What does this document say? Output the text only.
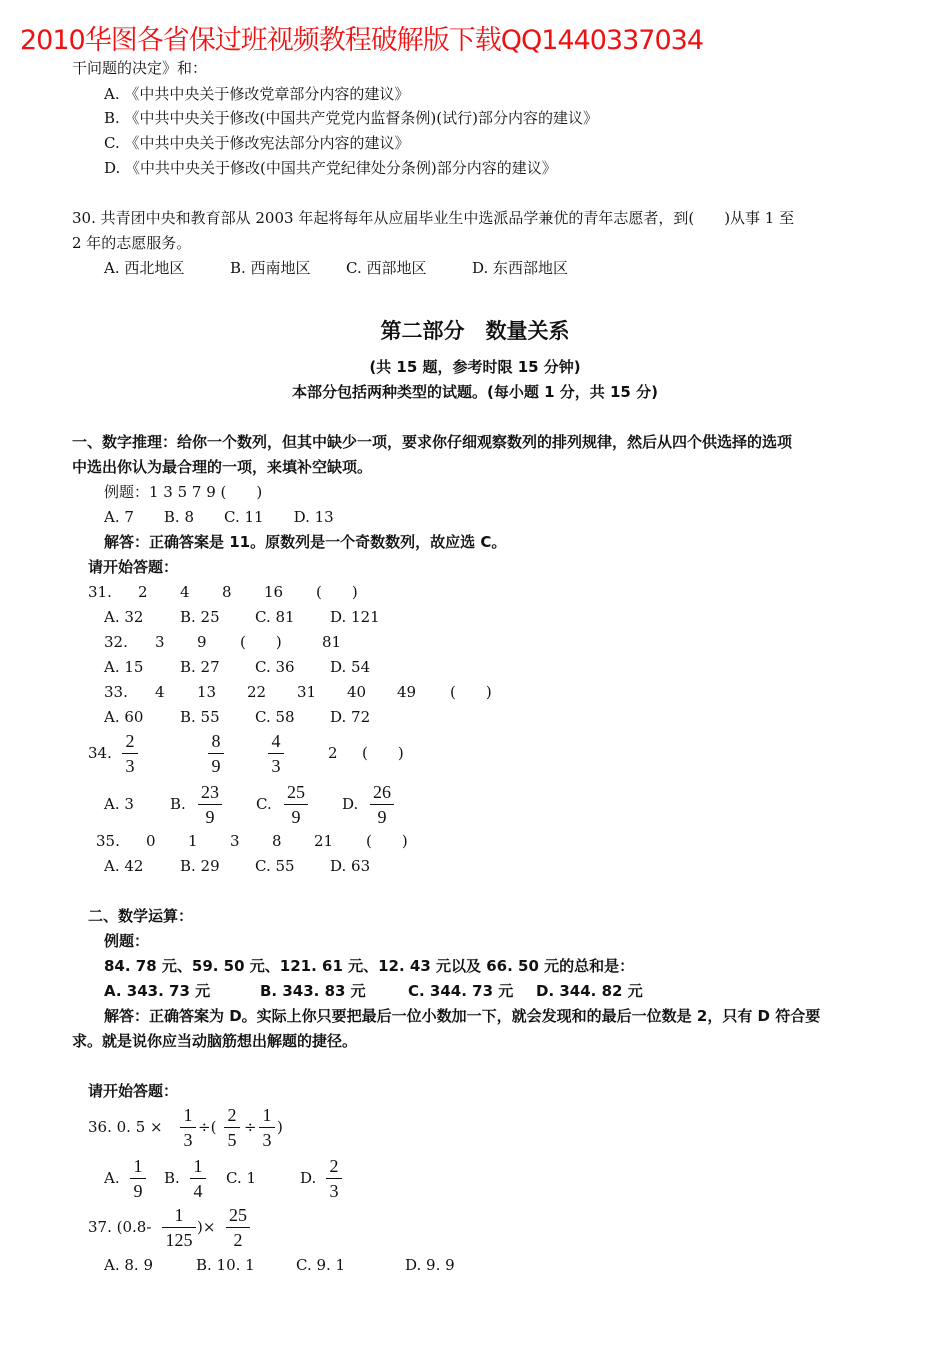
2010华图各省保过班视频教程破解版下载QQ1440337034
干问题的决定》和：
A. 《中共中央关于修改党章部分内容的建议》
B. 《中共中央关于修改(中国共产党党内监督条例)(试行)部分内容的建议》
C. 《中共中央关于修改宪法部分内容的建议》
D. 《中共中央关于修改(中国共产党纪律处分条例)部分内容的建议》
30. 共青团中央和教育部从 2003 年起将每年从应届毕业生中选派品学兼优的青年志愿者，到(　　)从事 1 至
2 年的志愿服务。
A. 西北地区	B. 西南地区 C. 西部地区	D. 东西部地区
第二部分　数量关系
(共 15 题，参考时限 15 分钟)
本部分包括两种类型的试题。(每小题 1 分，共 15 分)
一、数字推理：给你一个数列，但其中缺少一项，要求你仔细观察数列的排列规律，然后从四个供选择的选项
中选出你认为最合理的一项，来填补空缺项。
例题：1 3 5 7 9 (　　)
A. 7　　B. 8　　C. 11　　D. 13
解答：正确答案是 11。原数列是一个奇数数列，故应选 C。
请开始答题：
31. 2 4 8 16 (　　)
A. 32 B. 25 C. 81 D. 121
32. 3 9 (　　)	81
A. 15 B. 27 C. 36 D. 54
33. 4 13 22 31 40 49 (　　)
A. 60 B. 55 C. 58 D. 72
34.
2
3
8
9
4
3
2 (　　)
A. 3 B.
23
9
C.
25
9
D.
26
9
35. 0 1 3 8 21 (　　)
A. 42 B. 29 C. 55 D. 63
二、数学运算：
例题：
84. 78 元、59. 50 元、121. 61 元、12. 43 元以及 66. 50 元的总和是：
A. 343. 73 元	B. 343. 83 元	C. 344. 73 元 D. 344. 82 元
解答：正确答案为 D。实际上你只要把最后一位小数加一下，就会发现和的最后一位数是 2，只有 D 符合要
求。就是说你应当动脑筋想出解题的捷径。
请开始答题：
36. 0. 5 ×
1
3
÷(
2
5
÷
1
3
)
A.
1
9
B.
1
4
C. 1	D.
2
3
37. (0.8-
1
125
)×
25
2
A. 8. 9	B. 10. 1	C. 9. 1	D. 9. 9
